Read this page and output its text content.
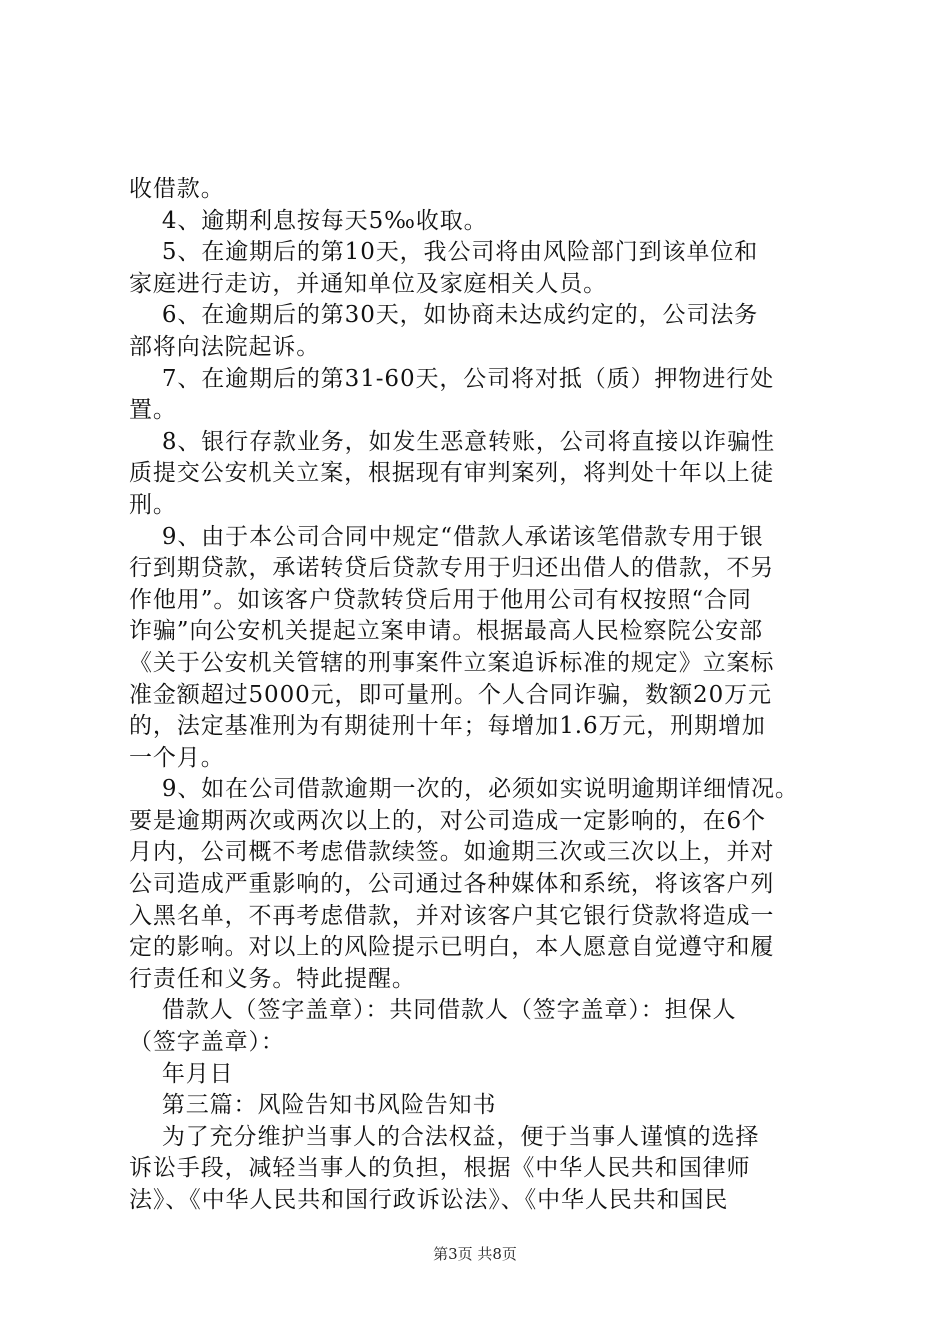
收借款。
4、逾期利息按每天5‰收取。
5、在逾期后的第10天，我公司将由风险部门到该单位和
家庭进行走访，并通知单位及家庭相关人员。
6、在逾期后的第30天，如协商未达成约定的，公司法务
部将向法院起诉。
7、在逾期后的第31-60天，公司将对抵（质）押物进行处
置。
8、银行存款业务，如发生恶意转账，公司将直接以诈骗性
质提交公安机关立案，根据现有审判案列，将判处十年以上徒
刑。
9、由于本公司合同中规定“借款人承诺该笔借款专用于银
行到期贷款，承诺转贷后贷款专用于归还出借人的借款，不另
作他用”。如该客户贷款转贷后用于他用公司有权按照“合同
诈骗”向公安机关提起立案申请。根据最高人民检察院公安部
《关于公安机关管辖的刑事案件立案追诉标准的规定》立案标
准金额超过5000元，即可量刑。个人合同诈骗，数额20万元
的，法定基准刑为有期徒刑十年；每增加1.6万元，刑期增加
一个月。
9、如在公司借款逾期一次的，必须如实说明逾期详细情况。
要是逾期两次或两次以上的，对公司造成一定影响的，在6个
月内，公司概不考虑借款续签。如逾期三次或三次以上，并对
公司造成严重影响的，公司通过各种媒体和系统，将该客户列
入黑名单，不再考虑借款，并对该客户其它银行贷款将造成一
定的影响。对以上的风险提示已明白，本人愿意自觉遵守和履
行责任和义务。特此提醒。
借款人（签字盖章）：共同借款人（签字盖章）：担保人
（签字盖章）：
年月日
第三篇：风险告知书风险告知书
为了充分维护当事人的合法权益，便于当事人谨慎的选择
诉讼手段，减轻当事人的负担，根据《中华人民共和国律师
法》、《中华人民共和国行政诉讼法》、《中华人民共和国民
第3页 共8页
